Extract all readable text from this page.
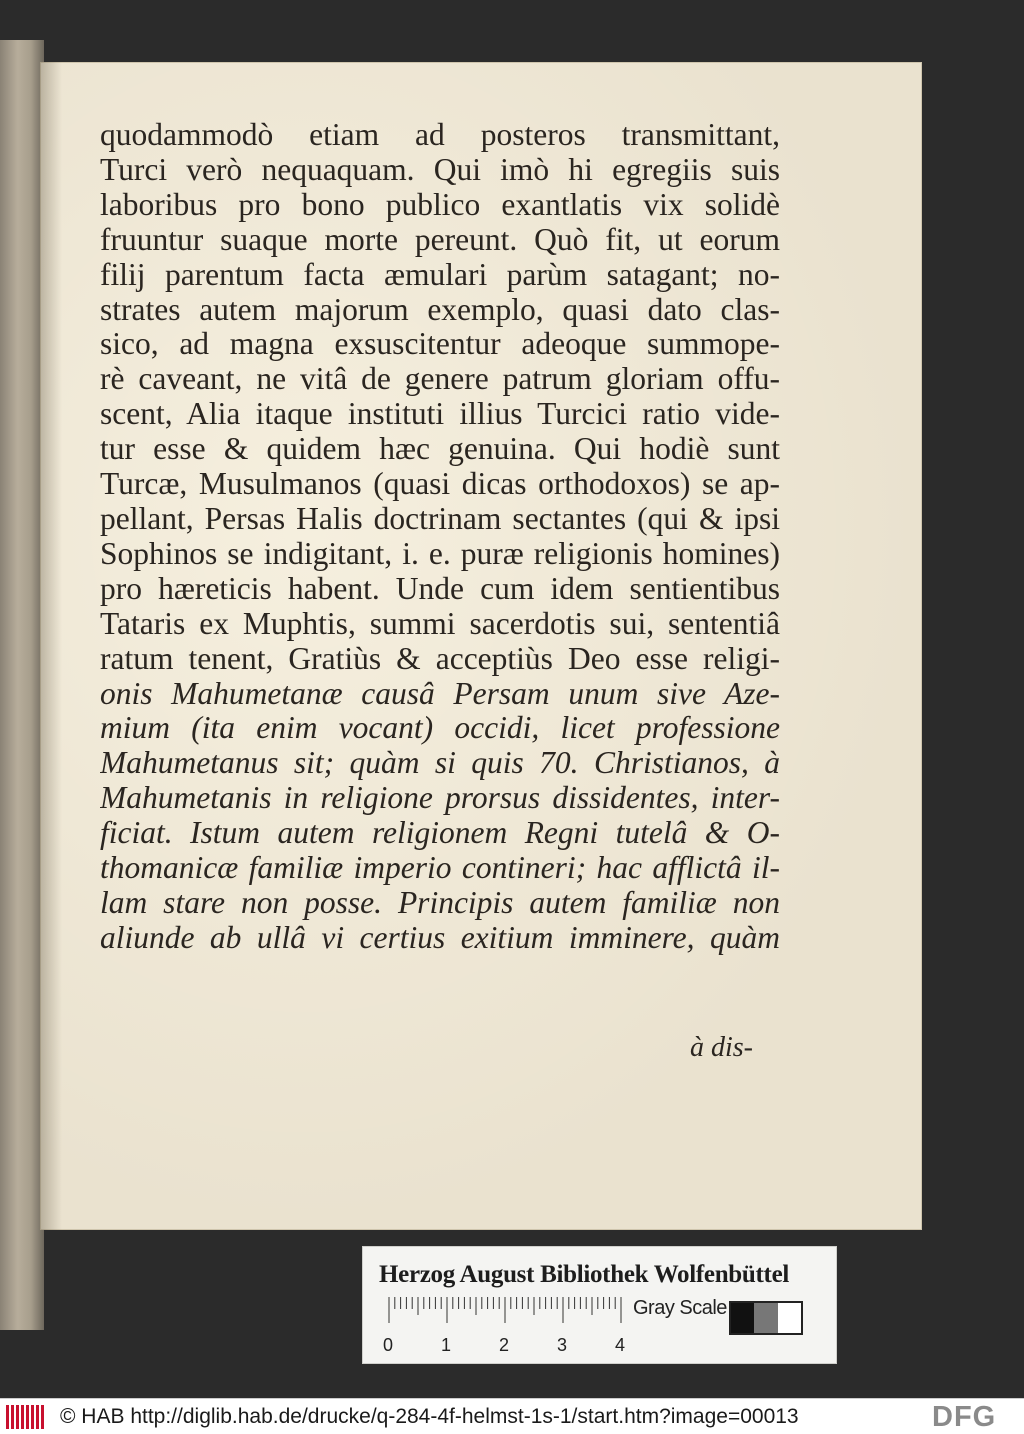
quodammodò etiam ad posteros transmittant,
Turci verò nequaquam. Qui imò hi egregiis suis
laboribus pro bono publico exantlatis vix solidè
fruuntur suaque morte pereunt. Quò fit, ut eorum
filij parentum facta æmulari parùm satagant; no-
strates autem majorum exemplo, quasi dato clas-
sico, ad magna exsuscitentur adeoque summope-
rè caveant, ne vitâ de genere patrum gloriam offu-
scent, Alia itaque instituti illius Turcici ratio vide-
tur esse & quidem hæc genuina. Qui hodiè sunt
Turcæ, Musulmanos (quasi dicas orthodoxos) se ap-
pellant, Persas Halis doctrinam sectantes (qui & ipsi
Sophinos se indigitant, i. e. puræ religionis homines)
pro hæreticis habent. Unde cum idem sentientibus
Tataris ex Muphtis, summi sacerdotis sui, sententiâ
ratum tenent, Gratiùs & acceptiùs Deo esse religi-
onis Mahumetanæ causâ Persam unum sive Aze-
mium (ita enim vocant) occidi, licet professione
Mahumetanus sit; quàm si quis 70. Christianos, à
Mahumetanis in religione prorsus dissidentes, inter-
ficiat. Istum autem religionem Regni tutelâ & O-
thomanicæ familiæ imperio contineri; hac afflictâ il-
lam stare non posse. Principis autem familiæ non
aliunde ab ullâ vi certius exitium imminere, quàm
à dis-
Herzog August Bibliothek Wolfenbüttel
0	1	2	3	4
Gray Scale
© HAB http://diglib.hab.de/drucke/q-284-4f-helmst-1s-1/start.htm?image=00013	DFG
